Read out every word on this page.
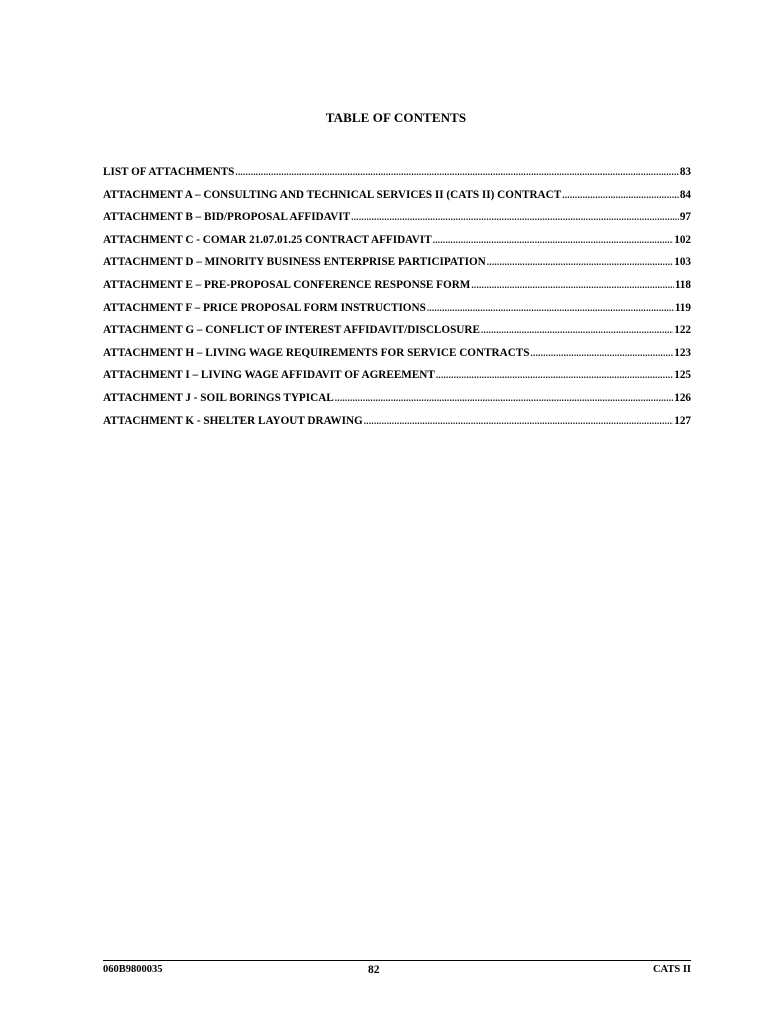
TABLE OF CONTENTS
LIST OF ATTACHMENTS .....	83
ATTACHMENT A – CONSULTING AND TECHNICAL SERVICES II (CATS II) CONTRACT .....	84
ATTACHMENT B – BID/PROPOSAL AFFIDAVIT .....	97
ATTACHMENT C - COMAR 21.07.01.25 CONTRACT AFFIDAVIT .....	102
ATTACHMENT D – MINORITY BUSINESS ENTERPRISE PARTICIPATION .....	103
ATTACHMENT E – PRE-PROPOSAL CONFERENCE RESPONSE FORM .....	118
ATTACHMENT F – PRICE PROPOSAL FORM INSTRUCTIONS .....	119
ATTACHMENT G – CONFLICT OF INTEREST AFFIDAVIT/DISCLOSURE .....	122
ATTACHMENT H – LIVING WAGE REQUIREMENTS FOR SERVICE CONTRACTS .....	123
ATTACHMENT I – LIVING WAGE AFFIDAVIT OF AGREEMENT .....	125
ATTACHMENT J - SOIL BORINGS TYPICAL .....	126
ATTACHMENT K - SHELTER LAYOUT DRAWING .....	127
060B9800035	82	CATS II
